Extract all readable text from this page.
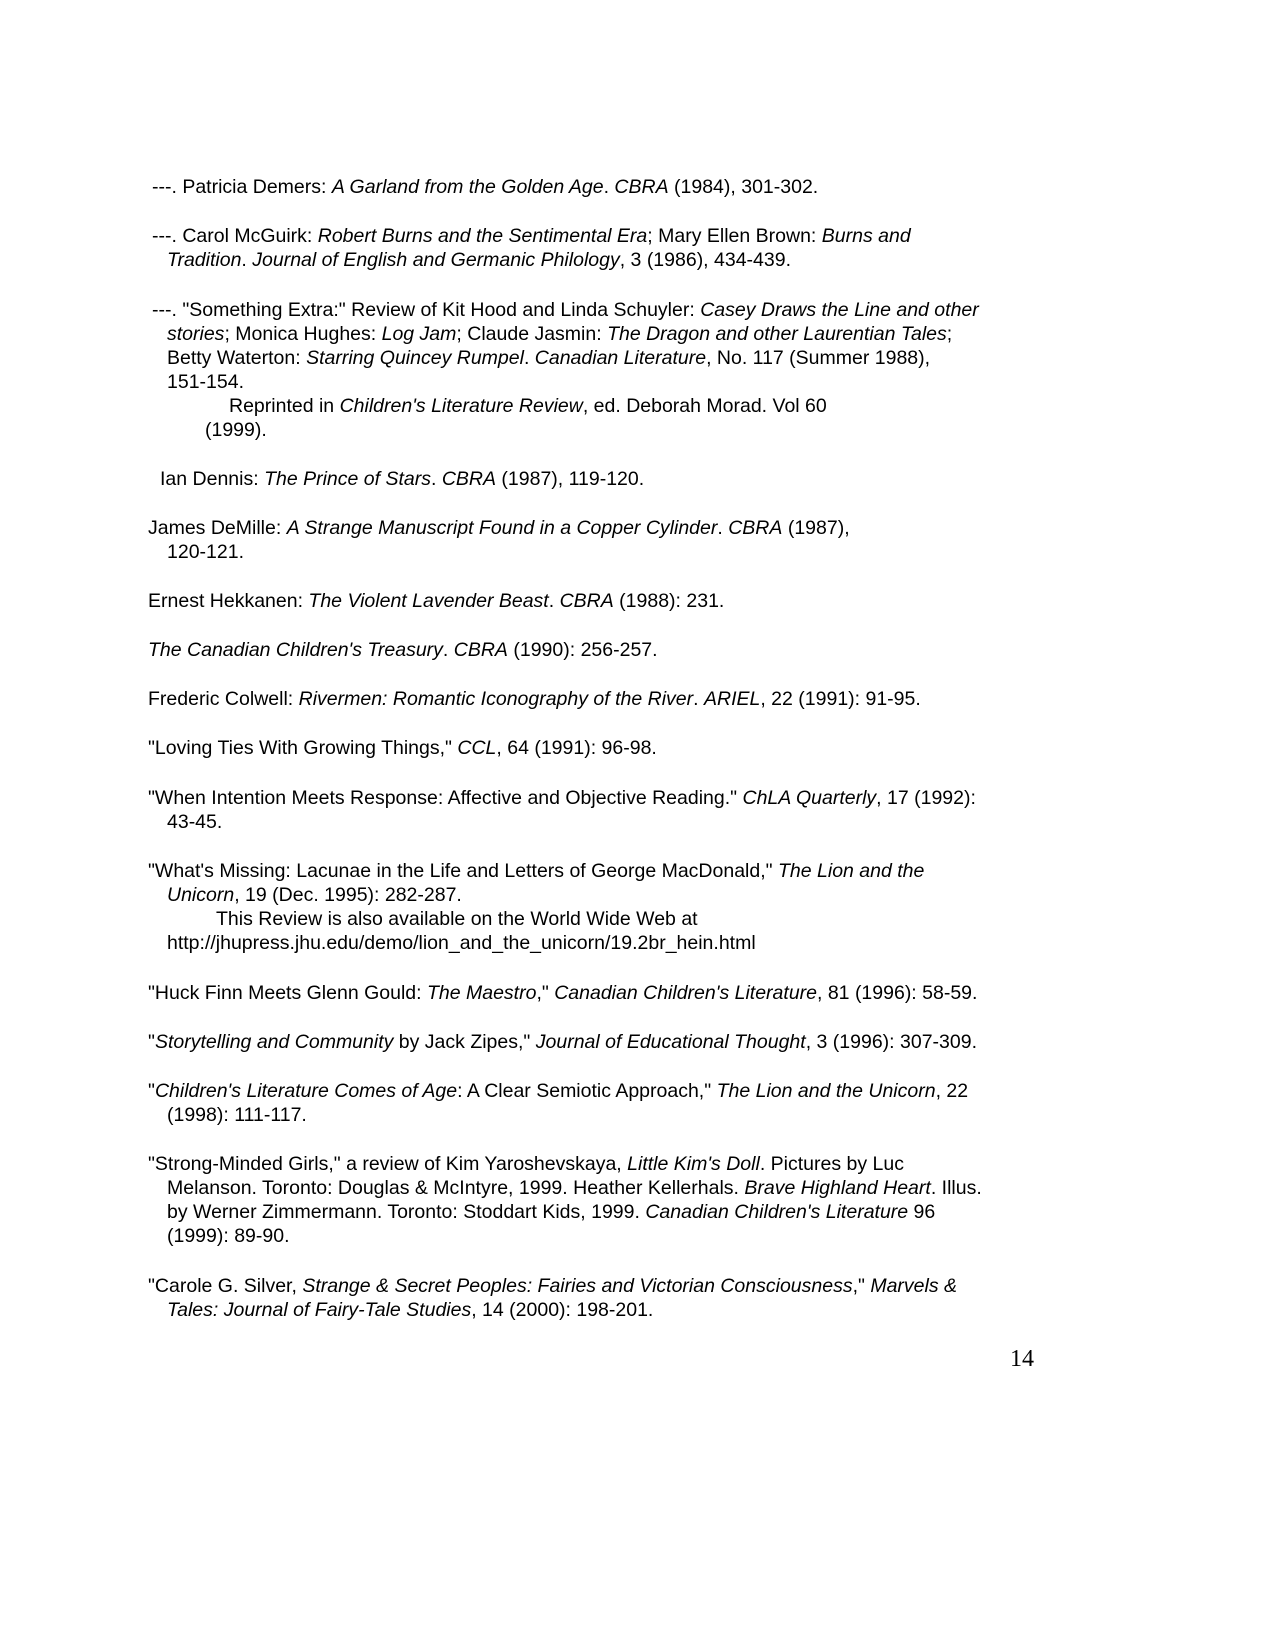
---. Patricia Demers: A Garland from the Golden Age. CBRA (1984), 301-302.
---. Carol McGuirk: Robert Burns and the Sentimental Era; Mary Ellen Brown: Burns and
Tradition. Journal of English and Germanic Philology, 3 (1986), 434-439.
---. "Something Extra:" Review of Kit Hood and Linda Schuyler: Casey Draws the Line and other
stories; Monica Hughes: Log Jam; Claude Jasmin: The Dragon and other Laurentian Tales;
Betty Waterton: Starring Quincey Rumpel. Canadian Literature, No. 117 (Summer 1988),
151-154.
Reprinted in Children's Literature Review, ed. Deborah Morad. Vol 60
(1999).
Ian Dennis: The Prince of Stars. CBRA (1987), 119-120.
James DeMille: A Strange Manuscript Found in a Copper Cylinder. CBRA (1987),
120-121.
Ernest Hekkanen: The Violent Lavender Beast. CBRA (1988): 231.
The Canadian Children's Treasury. CBRA (1990): 256-257.
Frederic Colwell: Rivermen: Romantic Iconography of the River. ARIEL, 22 (1991): 91-95.
"Loving Ties With Growing Things," CCL, 64 (1991): 96-98.
"When Intention Meets Response: Affective and Objective Reading." ChLA Quarterly, 17 (1992):
43-45.
"What's Missing: Lacunae in the Life and Letters of George MacDonald," The Lion and the
Unicorn, 19 (Dec. 1995): 282-287.
This Review is also available on the World Wide Web at
http://jhupress.jhu.edu/demo/lion_and_the_unicorn/19.2br_hein.html
"Huck Finn Meets Glenn Gould: The Maestro," Canadian Children's Literature, 81 (1996): 58-59.
"Storytelling and Community by Jack Zipes," Journal of Educational Thought, 3 (1996): 307-309.
"Children's Literature Comes of Age: A Clear Semiotic Approach," The Lion and the Unicorn, 22
(1998): 111-117.
"Strong-Minded Girls," a review of Kim Yaroshevskaya, Little Kim's Doll. Pictures by Luc
Melanson. Toronto: Douglas & McIntyre, 1999. Heather Kellerhals. Brave Highland Heart. Illus.
by Werner Zimmermann. Toronto: Stoddart Kids, 1999. Canadian Children's Literature 96
(1999): 89-90.
"Carole G. Silver, Strange & Secret Peoples: Fairies and Victorian Consciousness," Marvels &
Tales: Journal of Fairy-Tale Studies, 14 (2000): 198-201.
14
